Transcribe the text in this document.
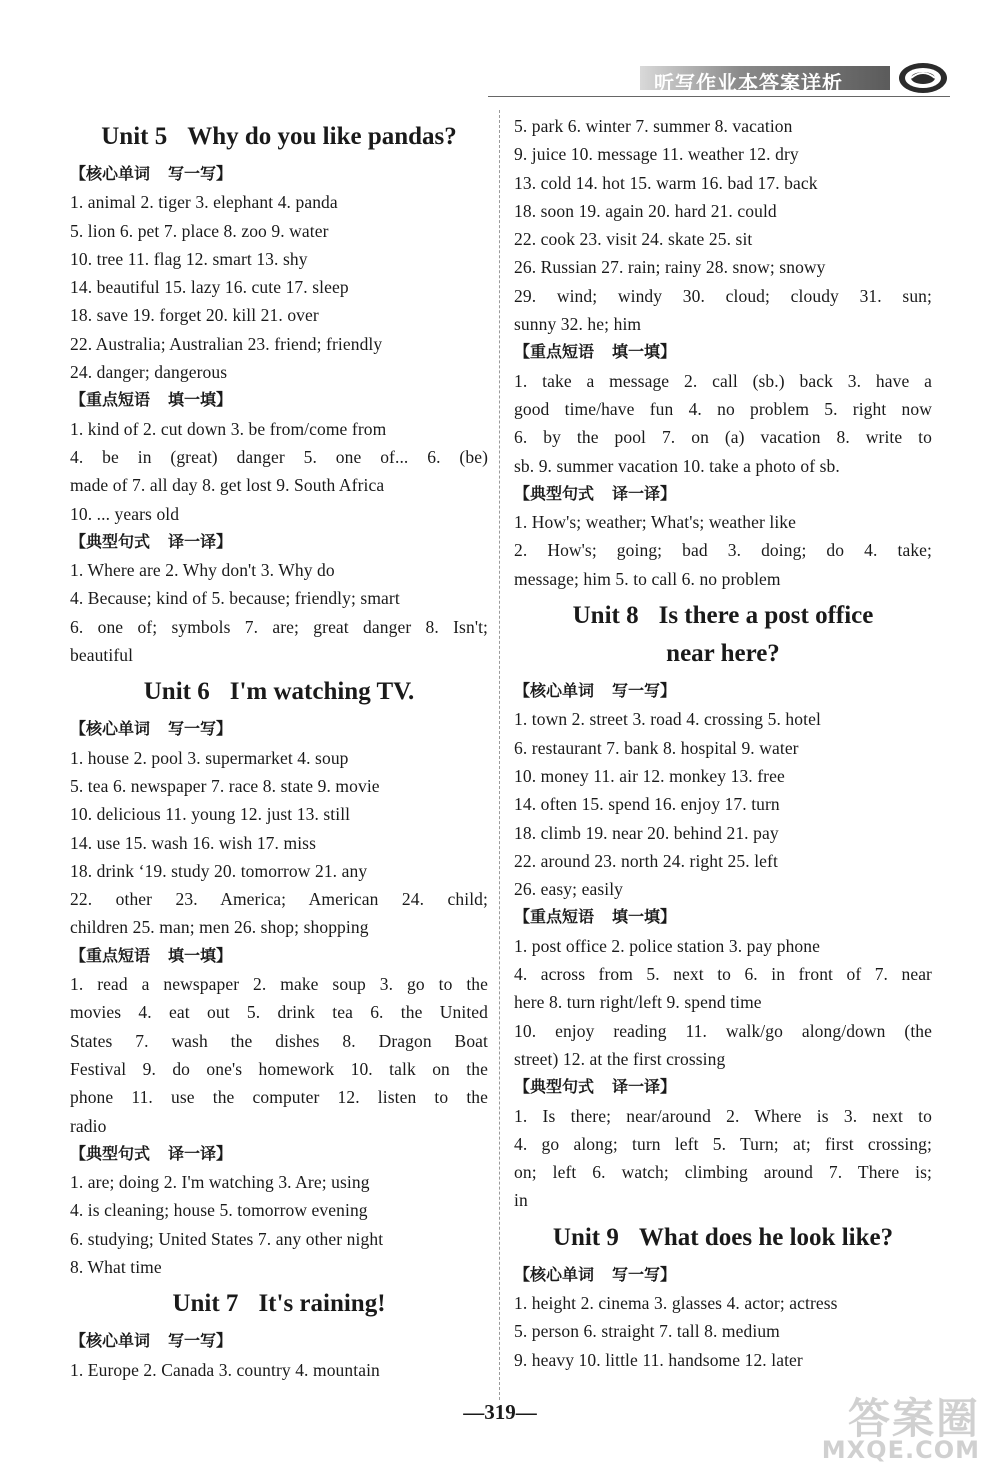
听写作业本答案详析
Unit 5 Why do you like pandas?
【核心单词 写一写】
1. animal 2. tiger 3. elephant 4. panda
5. lion 6. pet 7. place 8. zoo 9. water
10. tree 11. flag 12. smart 13. shy
14. beautiful 15. lazy 16. cute 17. sleep
18. save 19. forget 20. kill 21. over
22. Australia; Australian 23. friend; friendly
24. danger; dangerous
【重点短语 填一填】
1. kind of 2. cut down 3. be from/come from
4. be in (great) danger 5. one of... 6. (be)
made of 7. all day 8. get lost 9. South Africa
10. ... years old
【典型句式 译一译】
1. Where are 2. Why don't 3. Why do
4. Because; kind of 5. because; friendly; smart
6. one of; symbols 7. are; great danger 8. Isn't;
beautiful
Unit 6 I'm watching TV.
【核心单词 写一写】
1. house 2. pool 3. supermarket 4. soup
5. tea 6. newspaper 7. race 8. state 9. movie
10. delicious 11. young 12. just 13. still
14. use 15. wash 16. wish 17. miss
18. drink ʻ19. study 20. tomorrow 21. any
22. other 23. America; American 24. child;
children 25. man; men 26. shop; shopping
【重点短语 填一填】
1. read a newspaper 2. make soup 3. go to the
movies 4. eat out 5. drink tea 6. the United
States 7. wash the dishes 8. Dragon Boat
Festival 9. do one's homework 10. talk on the
phone 11. use the computer 12. listen to the
radio
【典型句式 译一译】
1. are; doing 2. I'm watching 3. Are; using
4. is cleaning; house 5. tomorrow evening
6. studying; United States 7. any other night
8. What time
Unit 7 It's raining!
【核心单词 写一写】
1. Europe 2. Canada 3. country 4. mountain
5. park 6. winter 7. summer 8. vacation
9. juice 10. message 11. weather 12. dry
13. cold 14. hot 15. warm 16. bad 17. back
18. soon 19. again 20. hard 21. could
22. cook 23. visit 24. skate 25. sit
26. Russian 27. rain; rainy 28. snow; snowy
29. wind; windy 30. cloud; cloudy 31. sun;
sunny 32. he; him
【重点短语 填一填】
1. take a message 2. call (sb.) back 3. have a
good time/have fun 4. no problem 5. right now
6. by the pool 7. on (a) vacation 8. write to
sb. 9. summer vacation 10. take a photo of sb.
【典型句式 译一译】
1. How's; weather; What's; weather like
2. How's; going; bad 3. doing; do 4. take;
message; him 5. to call 6. no problem
Unit 8 Is there a post office
near here?
【核心单词 写一写】
1. town 2. street 3. road 4. crossing 5. hotel
6. restaurant 7. bank 8. hospital 9. water
10. money 11. air 12. monkey 13. free
14. often 15. spend 16. enjoy 17. turn
18. climb 19. near 20. behind 21. pay
22. around 23. north 24. right 25. left
26. easy; easily
【重点短语 填一填】
1. post office 2. police station 3. pay phone
4. across from 5. next to 6. in front of 7. near
here 8. turn right/left 9. spend time
10. enjoy reading 11. walk/go along/down (the
street) 12. at the first crossing
【典型句式 译一译】
1. Is there; near/around 2. Where is 3. next to
4. go along; turn left 5. Turn; at; first crossing;
on; left 6. watch; climbing around 7. There is;
in
Unit 9 What does he look like?
【核心单词 写一写】
1. height 2. cinema 3. glasses 4. actor; actress
5. person 6. straight 7. tall 8. medium
9. heavy 10. little 11. handsome 12. later
—319—	答案圈
MXQE.COM
